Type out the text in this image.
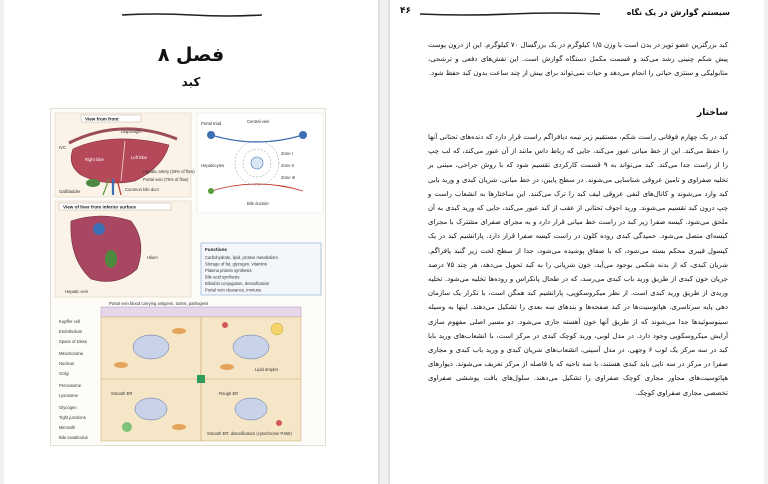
فصل ۸
کبد
View from front
Diaphragm
Right lobe	Left lobe
Gallbladder
Hepatic artery (25% of flow)
Portal vein (75% of flow)
Common bile duct
IVC
View of liver from inferior surface
Hilum
Hepatic vein
Portal triad	Central vein
Bile ductule
Zone I
Zone II
Zone III
Hepatocytes
Functions
Carbohydrate, lipid, protein metabolism
Storage of fat, glycogen, vitamins
Plasma protein synthesis
Bile acid synthesis
Bilirubin conjugation, detoxification
Portal vein clearance, immune
Portal vein blood carrying antigens, toxins, pathogens
Kupffer cell
Endothelium
Space of Disse
Mitochondria
Nucleus
Golgi
Peroxisome
Lysosome
Glycogen
Tight junctions
Microvilli
Bile canaliculus
Lipid droplet
Rough ER
Smooth ER
Smooth ER: detoxification (cytochrome P450)
۴۶	سیستم گوارش در یک نگاه

کبد بزرگترین عضو توپر در بدن است با وزن ۱/۵ کیلوگرم در یک بزرگسال ۷۰ کیلوگرم. این از درون پوست پیش شکم چنینی رشد می‌کند و قسمت مکمل دستگاه گوارش است. این نقش‌های دفعی و ترشحی، متابولیکی و سنتزی حیاتی را انجام می‌دهد و حیات نمی‌تواند برای بیش از چند ساعت بدون کبد حفظ شود.

ساختار

کبد در یک چهارم فوقانی راست شکم، مستقیم زیر نیمه دیافراگم راست قرار دارد که دنده‌های تحتانی آنها را حفظ می‌کند. این از خط میانی عبور می‌کند، جایی که رباط داس مانند از آن عبور می‌کند، که لب چپ را از راست جدا می‌کند. کبد می‌تواند به ۹ قسمت کارکردی تقسیم شود که با روش جراحی، مبتنی بر تخلیه صفراوی و تامین عروقی شناسایی می‌شوند. در سطح پایین، در خط میانی، شریان کبدی و ورید بابی کبد وارد می‌شوند و کانال‌های لنفی عروقی لیف کبد را ترک می‌کنند. این ساختارها به انشعاب راست و چپ درون کبد تقسیم می‌شوند. ورید اجوف تحتانی از عقب از کبد عبور می‌کند، جایی که ورید کبدی به آن ملحق می‌شود. کیسه صفرا زیر کبد در راست خط میانی قرار دارد و به مجرای صفرای مشترک با مجرای کیسه‌ای متصل می‌شود. خمیدگی کبدی روده کلون در راست کیسه صفرا قرار دارد. پارانشیم کبد در یک کپسول فیبری محکم بسته می‌شود، که با صفاق پوشیده می‌شود، جدا از سطح لخت زیر گنبد پافراگم. شریان کبدی، که از بدنه شکمی بوجود می‌آید، خون شریانی را به کبد تحویل می‌دهد، هر چند ۷۵ درصد جریان خون کبدی از طریق ورید باب کبدی می‌رسد، که در طحال پانکراس و روده‌ها تخلیه می‌شود. تخلیه وریدی از طریق ورید کبدی است. از نظر میکروسکوپی، پارانشیم کبد همگن است، با تکرار یک سازمان دهی پایه سرتاسری. هپاتوسیت‌ها در کبد صفحه‌ها و بندهای سه بعدی را تشکیل می‌دهند. اینها به وسیله سینوسوئیدها جدا می‌شوند که از طریق آنها خون آهسته جاری می‌شود. دو مسیر اصلی مفهوم سازی آرایش میکروسکوپی وجود دارد. در مدل لوبی، ورید کوچک کبدی در مرکز است، با انشعاب‌های ورید بابا کبد در سه مرکز یک لوب ۶ وجهی. در مدل آسینی، انشعاب‌های شریان کبدی و ورید باب کبدی و مجاری صفرا در مرکز در سه تایی باید کبدی هستند، با سه ناحیه که با فاصله از مرکز تعریف می‌شوند. دیوارهای هپاتوسیت‌های مجاور مجاری کوچک صفراوی را تشکیل می‌دهند. سلول‌های بافت پوششی صفراوی تخصصی مجاری صفراوی کوچک.
